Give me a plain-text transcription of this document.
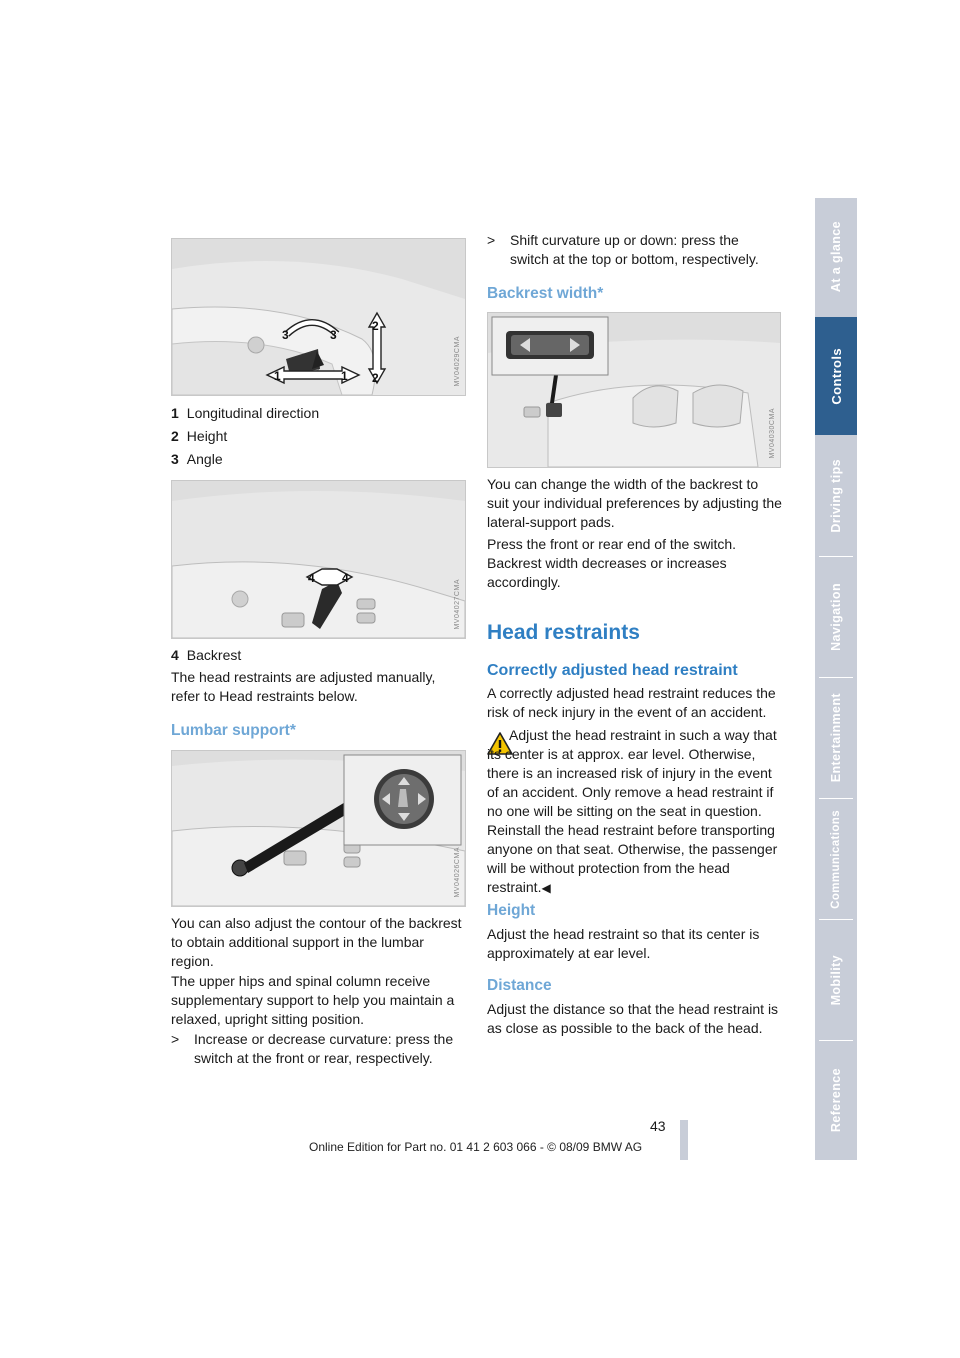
1	1
2
2
3	3
MV04029CMA
1 Longitudinal direction
2 Height
3 Angle
4 4
MV04027CMA
4 Backrest
The head restraints are adjusted manually, refer to Head restraints below.
Lumbar support*
MV04026CMA
You can also adjust the contour of the backrest to obtain additional support in the lumbar region.
The upper hips and spinal column receive supplementary support to help you maintain a relaxed, upright sitting position.
>	Increase or decrease curvature: press the switch at the front or rear, respectively.
>	Shift curvature up or down: press the switch at the top or bottom, respectively.
Backrest width*
MV04030CMA
You can change the width of the backrest to suit your individual preferences by adjusting the lateral-support pads.
Press the front or rear end of the switch. Backrest width decreases or increases accordingly.
Head restraints
Correctly adjusted head restraint
A correctly adjusted head restraint reduces the risk of neck injury in the event of an accident.
Adjust the head restraint in such a way that its center is at approx. ear level. Otherwise, there is an increased risk of injury in the event of an accident. Only remove a head restraint if no one will be sitting on the seat in question. Reinstall the head restraint before transporting anyone on that seat. Otherwise, the passenger will be without protection from the head restraint.◀
Height
Adjust the head restraint so that its center is approximately at ear level.
Distance
Adjust the distance so that the head restraint is as close as possible to the back of the head.
At a glance
Controls
Driving tips
Navigation
Entertainment
Communications
Mobility
Reference
43
Online Edition for Part no. 01 41 2 603 066 - © 08/09 BMW AG
